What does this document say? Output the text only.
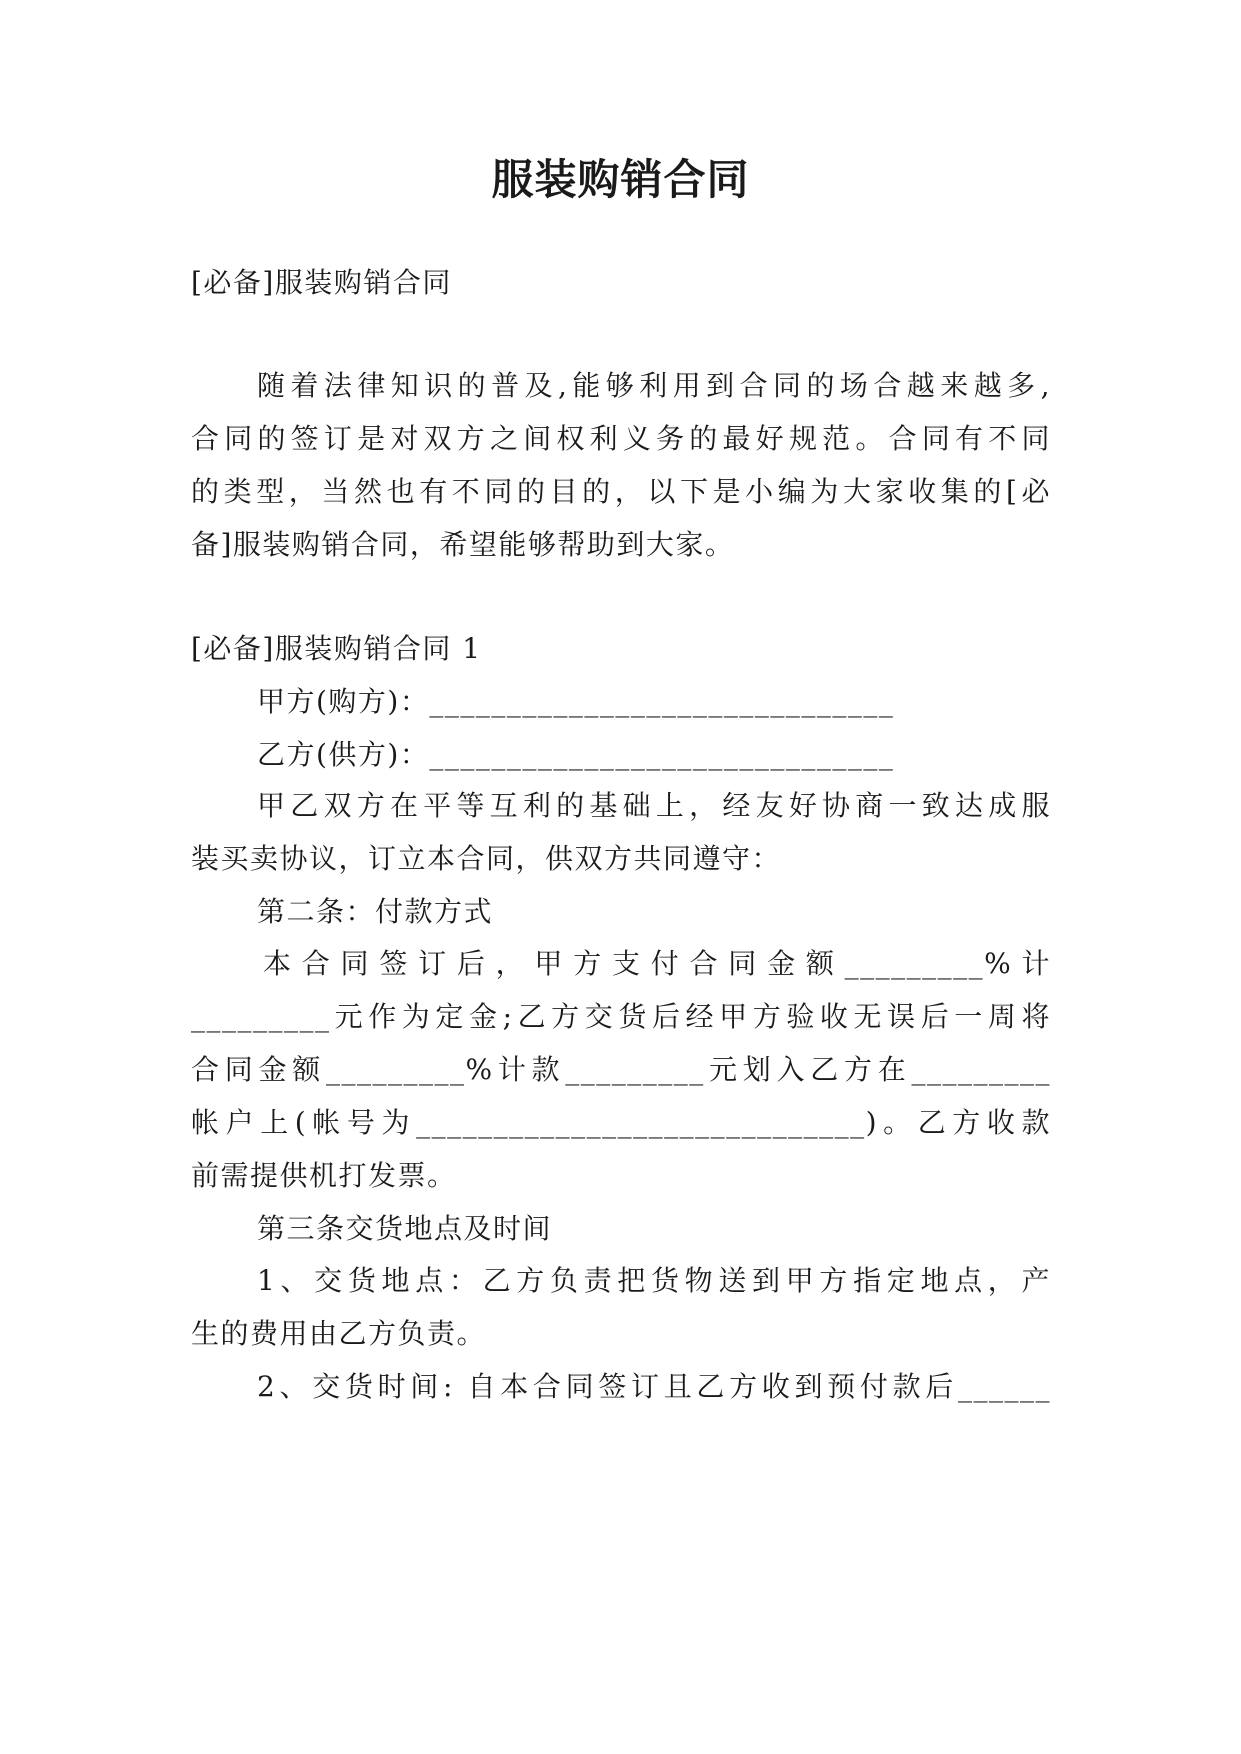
服装购销合同
[必备]服装购销合同
随着法律知识的普及,能够利用到合同的场合越来越多,
合同的签订是对双方之间权利义务的最好规范。合同有不同
的类型，当然也有不同的目的，以下是小编为大家收集的[必
备]服装购销合同，希望能够帮助到大家。
[必备]服装购销合同 1
甲方(购方)：______________________________
乙方(供方)：______________________________
甲乙双方在平等互利的基础上，经友好协商一致达成服
装买卖协议，订立本合同，供双方共同遵守：
第二条：付款方式
本合同签订后，甲方支付合同金额_________%计
_________元作为定金;乙方交货后经甲方验收无误后一周将
合同金额_________%计款_________元划入乙方在_________
帐户上(帐号为_____________________________)。乙方收款
前需提供机打发票。
第三条交货地点及时间
1、交货地点：乙方负责把货物送到甲方指定地点，产
生的费用由乙方负责。
2、交货时间: 自本合同签订且乙方收到预付款后______
